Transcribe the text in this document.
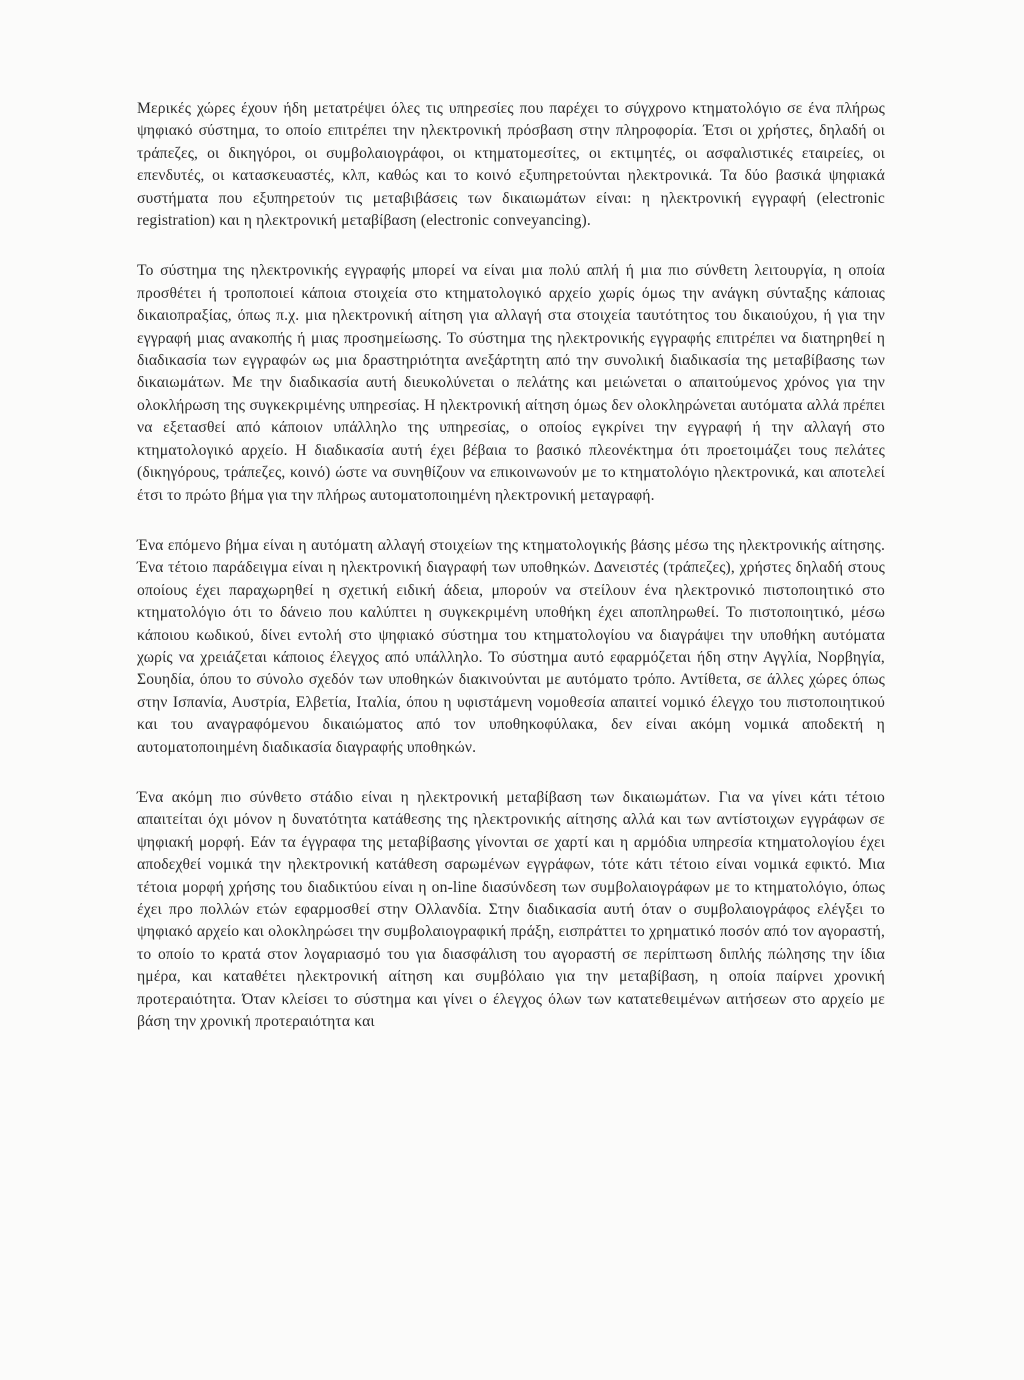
Μερικές χώρες έχουν ήδη μετατρέψει όλες τις υπηρεσίες που παρέχει το σύγχρονο κτηματολόγιο σε ένα πλήρως ψηφιακό σύστημα, το οποίο επιτρέπει την ηλεκτρονική πρόσβαση στην πληροφορία. Έτσι οι χρήστες, δηλαδή οι τράπεζες, οι δικηγόροι, οι συμβολαιογράφοι, οι κτηματομεσίτες, οι εκτιμητές, οι ασφαλιστικές εταιρείες, οι επενδυτές, οι κατασκευαστές, κλπ, καθώς και το κοινό εξυπηρετούνται ηλεκτρονικά. Τα δύο βασικά ψηφιακά συστήματα που εξυπηρετούν τις μεταβιβάσεις των δικαιωμάτων είναι: η ηλεκτρονική εγγραφή (electronic registration) και η ηλεκτρονική μεταβίβαση (electronic conveyancing).

Το σύστημα της ηλεκτρονικής εγγραφής μπορεί να είναι μια πολύ απλή ή μια πιο σύνθετη λειτουργία, η οποία προσθέτει ή τροποποιεί κάποια στοιχεία στο κτηματολογικό αρχείο χωρίς όμως την ανάγκη σύνταξης κάποιας δικαιοπραξίας, όπως π.χ. μια ηλεκτρονική αίτηση για αλλαγή στα στοιχεία ταυτότητος του δικαιούχου, ή για την εγγραφή μιας ανακοπής ή μιας προσημείωσης. Το σύστημα της ηλεκτρονικής εγγραφής επιτρέπει να διατηρηθεί η διαδικασία των εγγραφών ως μια δραστηριότητα ανεξάρτητη από την συνολική διαδικασία της μεταβίβασης των δικαιωμάτων. Με την διαδικασία αυτή διευκολύνεται ο πελάτης και μειώνεται ο απαιτούμενος χρόνος για την ολοκλήρωση της συγκεκριμένης υπηρεσίας. Η ηλεκτρονική αίτηση όμως δεν ολοκληρώνεται αυτόματα αλλά πρέπει να εξετασθεί από κάποιον υπάλληλο της υπηρεσίας, ο οποίος εγκρίνει την εγγραφή ή την αλλαγή στο κτηματολογικό αρχείο. Η διαδικασία αυτή έχει βέβαια το βασικό πλεονέκτημα ότι προετοιμάζει τους πελάτες (δικηγόρους, τράπεζες, κοινό) ώστε να συνηθίζουν να επικοινωνούν με το κτηματολόγιο ηλεκτρονικά, και αποτελεί έτσι το πρώτο βήμα για την πλήρως αυτοματοποιημένη ηλεκτρονική μεταγραφή.

Ένα επόμενο βήμα είναι η αυτόματη αλλαγή στοιχείων της κτηματολογικής βάσης μέσω της ηλεκτρονικής αίτησης. Ένα τέτοιο παράδειγμα είναι η ηλεκτρονική διαγραφή των υποθηκών. Δανειστές (τράπεζες), χρήστες δηλαδή στους οποίους έχει παραχωρηθεί η σχετική ειδική άδεια, μπορούν να στείλουν ένα ηλεκτρονικό πιστοποιητικό στο κτηματολόγιο ότι το δάνειο που καλύπτει η συγκεκριμένη υποθήκη έχει αποπληρωθεί. Το πιστοποιητικό, μέσω κάποιου κωδικού, δίνει εντολή στο ψηφιακό σύστημα του κτηματολογίου να διαγράψει την υποθήκη αυτόματα χωρίς να χρειάζεται κάποιος έλεγχος από υπάλληλο. Το σύστημα αυτό εφαρμόζεται ήδη στην Αγγλία, Νορβηγία, Σουηδία, όπου το σύνολο σχεδόν των υποθηκών διακινούνται με αυτόματο τρόπο. Αντίθετα, σε άλλες χώρες όπως στην Ισπανία, Αυστρία, Ελβετία, Ιταλία, όπου η υφιστάμενη νομοθεσία απαιτεί νομικό έλεγχο του πιστοποιητικού και του αναγραφόμενου δικαιώματος από τον υποθηκοφύλακα, δεν είναι ακόμη νομικά αποδεκτή η αυτοματοποιημένη διαδικασία διαγραφής υποθηκών.

Ένα ακόμη πιο σύνθετο στάδιο είναι η ηλεκτρονική μεταβίβαση των δικαιωμάτων. Για να γίνει κάτι τέτοιο απαιτείται όχι μόνον η δυνατότητα κατάθεσης της ηλεκτρονικής αίτησης αλλά και των αντίστοιχων εγγράφων σε ψηφιακή μορφή. Εάν τα έγγραφα της μεταβίβασης γίνονται σε χαρτί και η αρμόδια υπηρεσία κτηματολογίου έχει αποδεχθεί νομικά την ηλεκτρονική κατάθεση σαρωμένων εγγράφων, τότε κάτι τέτοιο είναι νομικά εφικτό. Μια τέτοια μορφή χρήσης του διαδικτύου είναι η on-line διασύνδεση των συμβολαιογράφων με το κτηματολόγιο, όπως έχει προ πολλών ετών εφαρμοσθεί στην Ολλανδία. Στην διαδικασία αυτή όταν ο συμβολαιογράφος ελέγξει το ψηφιακό αρχείο και ολοκληρώσει την συμβολαιογραφική πράξη, εισπράττει το χρηματικό ποσόν από τον αγοραστή, το οποίο το κρατά στον λογαριασμό του για διασφάλιση του αγοραστή σε περίπτωση διπλής πώλησης την ίδια ημέρα, και καταθέτει ηλεκτρονική αίτηση και συμβόλαιο για την μεταβίβαση, η οποία παίρνει χρονική προτεραιότητα. Όταν κλείσει το σύστημα και γίνει ο έλεγχος όλων των κατατεθειμένων αιτήσεων στο αρχείο με βάση την χρονική προτεραιότητα και
